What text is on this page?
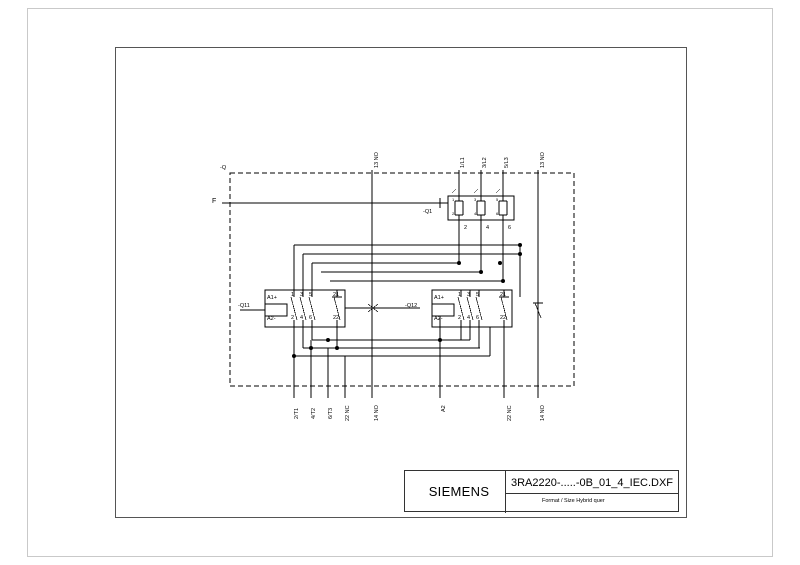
-Q
F
-Q1
-Q11	-Q12
13 NO	1/L1	3/L2	5/L3	13 NO
1	3	5
2	4	6
2	4	6
A1+
A2-
1 3 5	21
2 4 6	22
A1+
A2-
1 3 5	21
2 4 6	22
2/T1 4/T2 6/T3 22 NC	14 NO	A2	22 NC	14 NO
SIEMENS
3RA2220-.....-0B_01_4_IEC.DXF
Format / Size Hybrid quer
